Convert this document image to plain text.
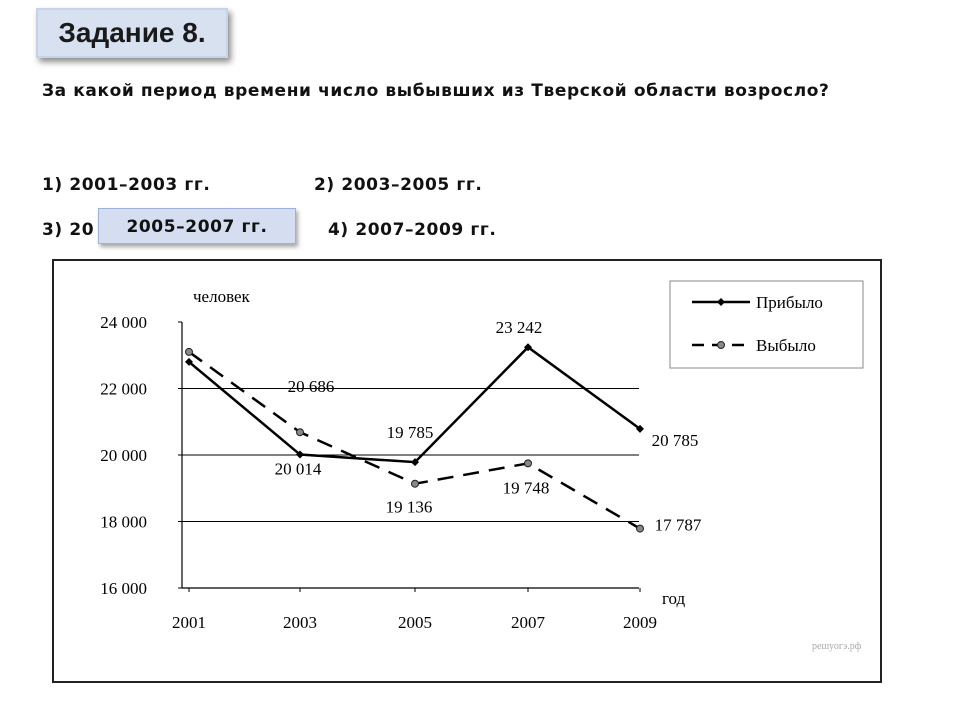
Задание 8.
За какой период времени число выбывших из Тверской области возросло?
1) 2001–2003 гг.	2) 2003–2005 гг.
3) 20	4) 2007–2009 гг.
2005–2007 гг.
16 000
18 000
20 000
22 000
24 000
2001	2003	2005	2007	2009
20 014
19 785
23 242
20 785
20 686
19 136
19 748
17 787
человек
год
Прибыло
Выбыло
решуогэ.рф
